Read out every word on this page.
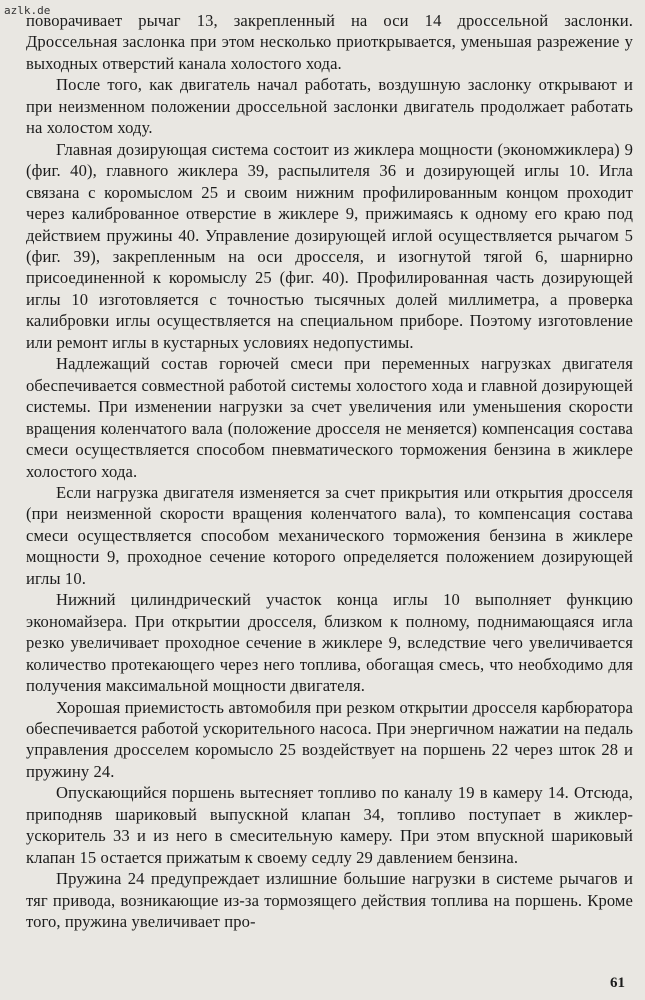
azlk.de

поворачивает рычаг 13, закрепленный на оси 14 дроссельной заслонки. Дроссельная заслонка при этом несколько приоткрывается, уменьшая разрежение у выходных отверстий канала холостого хода.

После того, как двигатель начал работать, воздушную заслонку открывают и при неизменном положении дроссельной заслонки двигатель продолжает работать на холостом ходу.

Главная дозирующая система состоит из жиклера мощности (экономжиклера) 9 (фиг. 40), главного жиклера 39, распылителя 36 и дозирующей иглы 10. Игла связана с коромыслом 25 и своим нижним профилированным концом проходит через калиброванное отверстие в жиклере 9, прижимаясь к одному его краю под действием пружины 40. Управление дозирующей иглой осуществляется рычагом 5 (фиг. 39), закрепленным на оси дросселя, и изогнутой тягой 6, шарнирно присоединенной к коромыслу 25 (фиг. 40). Профилированная часть дозирующей иглы 10 изготовляется с точностью тысячных долей миллиметра, а проверка калибровки иглы осуществляется на специальном приборе. Поэтому изготовление или ремонт иглы в кустарных условиях недопустимы.

Надлежащий состав горючей смеси при переменных нагрузках двигателя обеспечивается совместной работой системы холостого хода и главной дозирующей системы. При изменении нагрузки за счет увеличения или уменьшения скорости вращения коленчатого вала (положение дросселя не меняется) компенсация состава смеси осуществляется способом пневматического торможения бензина в жиклере холостого хода.

Если нагрузка двигателя изменяется за счет прикрытия или открытия дросселя (при неизменной скорости вращения коленчатого вала), то компенсация состава смеси осуществляется способом механического торможения бензина в жиклере мощности 9, проходное сечение которого определяется положением дозирующей иглы 10.

Нижний цилиндрический участок конца иглы 10 выполняет функцию экономайзера. При открытии дросселя, близком к полному, поднимающаяся игла резко увеличивает проходное сечение в жиклере 9, вследствие чего увеличивается количество протекающего через него топлива, обогащая смесь, что необходимо для получения максимальной мощности двигателя.

Хорошая приемистость автомобиля при резком открытии дросселя карбюратора обеспечивается работой ускорительного насоса. При энергичном нажатии на педаль управления дросселем коромысло 25 воздействует на поршень 22 через шток 28 и пружину 24.

Опускающийся поршень вытесняет топливо по каналу 19 в камеру 14. Отсюда, приподняв шариковый выпускной клапан 34, топливо поступает в жиклер-ускоритель 33 и из него в смесительную камеру. При этом впускной шариковый клапан 15 остается прижатым к своему седлу 29 давлением бензина.

Пружина 24 предупреждает излишние большие нагрузки в системе рычагов и тяг привода, возникающие из-за тормозящего действия топлива на поршень. Кроме того, пружина увеличивает про-

61
